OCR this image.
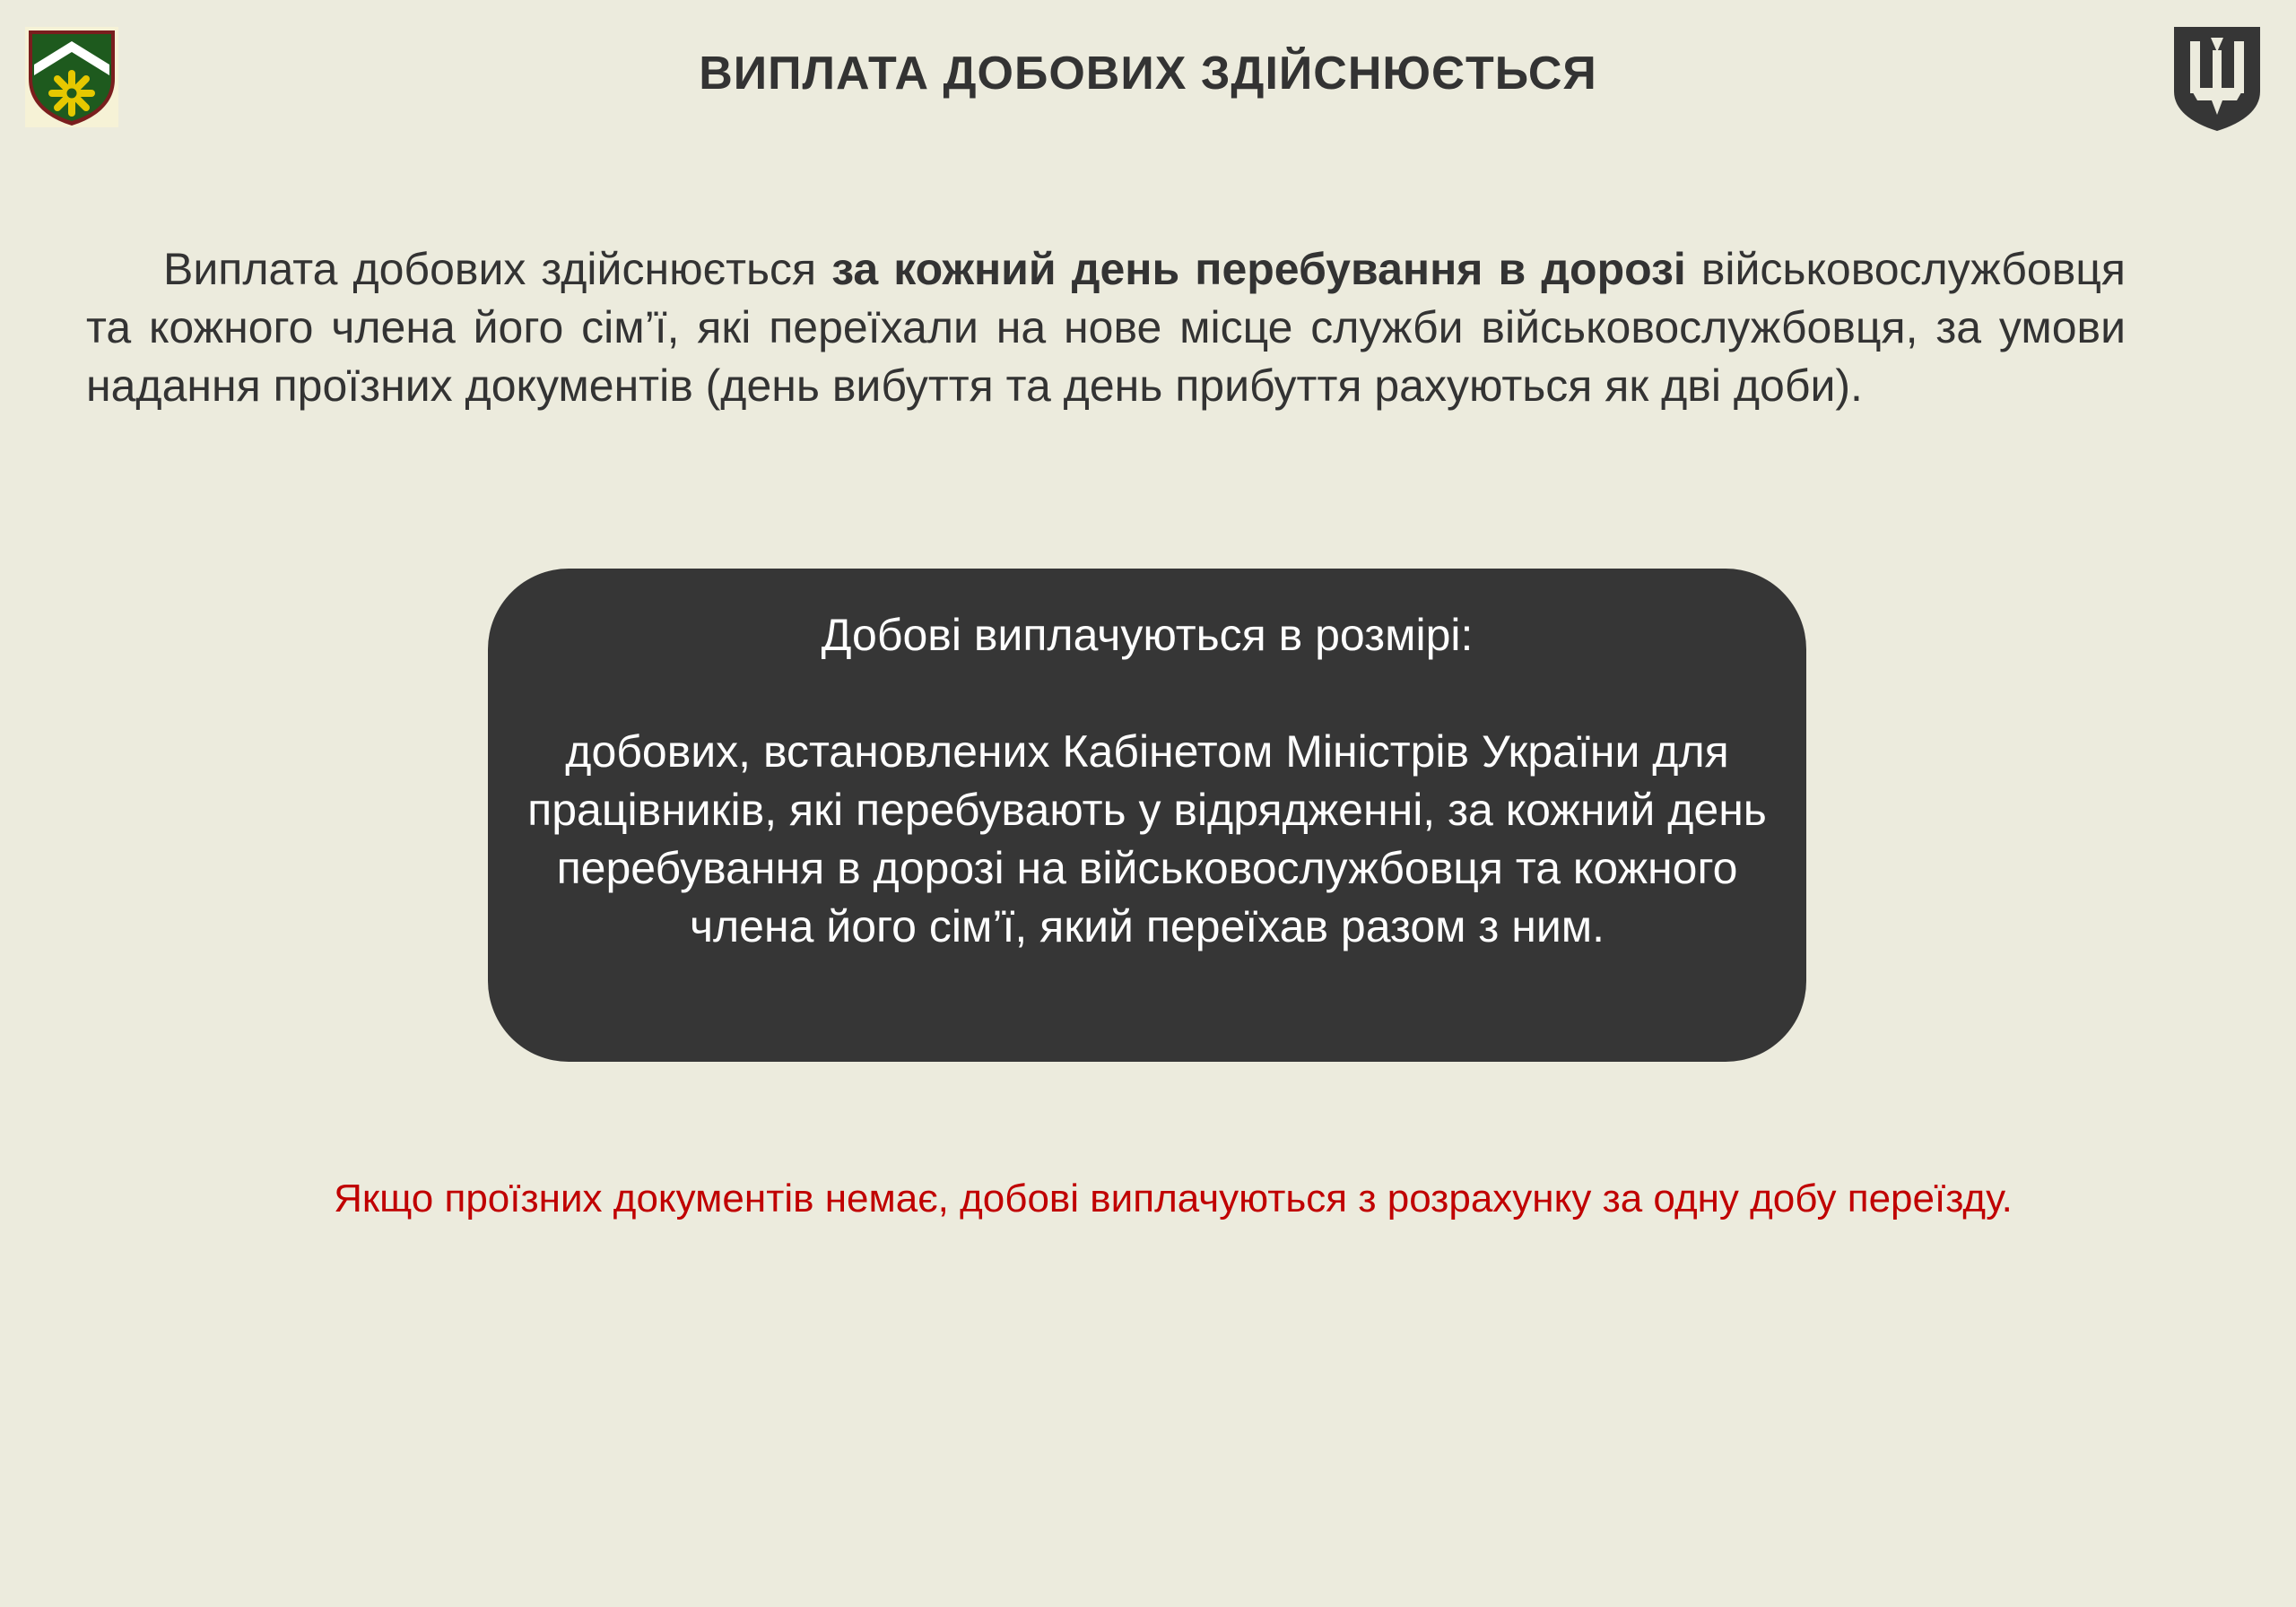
ВИПЛАТА ДОБОВИХ ЗДІЙСНЮЄТЬСЯ
Виплата добових здійснюється за кожний день перебування в дорозі військовослужбовця та кожного члена його сім’ї, які переїхали на нове місце служби військовослужбовця, за умови надання проїзних документів (день вибуття та день прибуття рахуються як дві доби).
Добові виплачуються в розмірі:
добових, встановлених Кабінетом Міністрів України для працівників, які перебувають у відрядженні, за кожний день перебування в дорозі на військовослужбовця та кожного члена його сім’ї, який переїхав разом з ним.
Якщо проїзних документів немає, добові виплачуються з розрахунку за одну добу переїзду.
